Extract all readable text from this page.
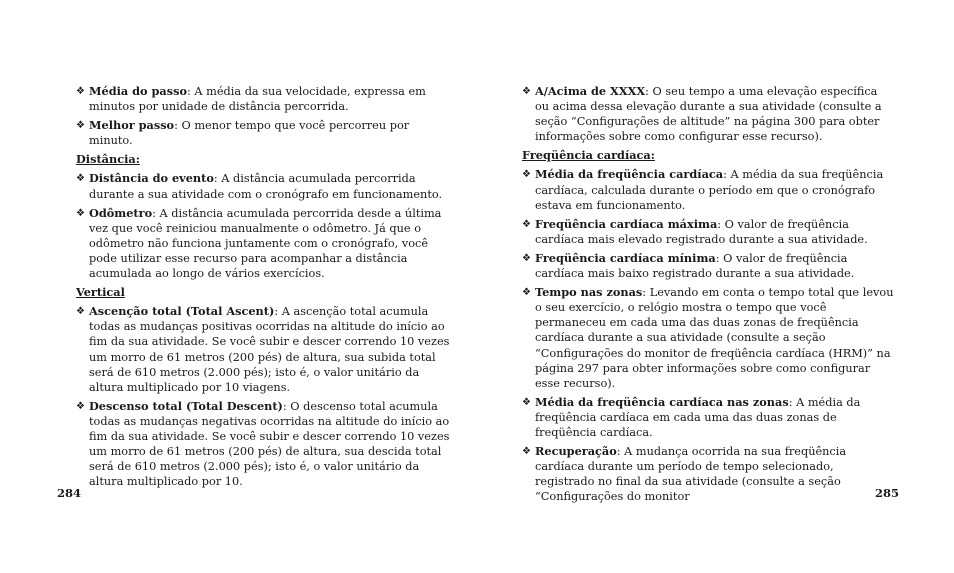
❖ Média do passo: A média da sua velocidade, expressa em minutos por unidade de distância percorrida.
❖ Melhor passo: O menor tempo que você percorreu por minuto.
Distância:
❖ Distância do evento: A distância acumulada percorrida durante a sua atividade com o cronógrafo em funcionamento.
❖ Odômetro: A distância acumulada percorrida desde a última vez que você reiniciou manualmente o odômetro. Já que o odômetro não funciona juntamente com o cronógrafo, você pode utilizar esse recurso para acompanhar a distância acumulada ao longo de vários exercícios.
Vertical
❖ Ascenção total (Total Ascent): A ascenção total acumula todas as mudanças positivas ocorridas na altitude do início ao fim da sua atividade. Se você subir e descer correndo 10 vezes um morro de 61 metros (200 pés) de altura, sua subida total será de 610 metros (2.000 pés); isto é, o valor unitário da altura multiplicado por 10 viagens.
❖ Descenso total (Total Descent): O descenso total acumula todas as mudanças negativas ocorridas na altitude do início ao fim da sua atividade. Se você subir e descer correndo 10 vezes um morro de 61 metros (200 pés) de altura, sua descida total será de 610 metros (2.000 pés); isto é, o valor unitário da altura multiplicado por 10.
❖ A/Acima de XXXX: O seu tempo a uma elevação específica ou acima dessa elevação durante a sua atividade (consulte a seção “Configurações de altitude” na página 300 para obter informações sobre como configurar esse recurso).
Freqüência cardíaca:
❖ Média da freqüência cardíaca: A média da sua freqüência cardíaca, calculada durante o período em que o cronógrafo estava em funcionamento.
❖ Freqüência cardíaca máxima: O valor de freqüência cardíaca mais elevado registrado durante a sua atividade.
❖ Freqüência cardíaca mínima: O valor de freqüência cardíaca mais baixo registrado durante a sua atividade.
❖ Tempo nas zonas: Levando em conta o tempo total que levou o seu exercício, o relógio mostra o tempo que você permaneceu em cada uma das duas zonas de freqüência cardíaca durante a sua atividade (consulte a seção “Configurações do monitor de freqüência cardíaca (HRM)” na página 297 para obter informações sobre como configurar esse recurso).
❖ Média da freqüência cardíaca nas zonas: A média da freqüência cardíaca em cada uma das duas zonas de freqüência cardíaca.
❖ Recuperação: A mudança ocorrida na sua freqüência cardíaca durante um período de tempo selecionado, registrado no final da sua atividade (consulte a seção “Configurações do monitor
284	285
